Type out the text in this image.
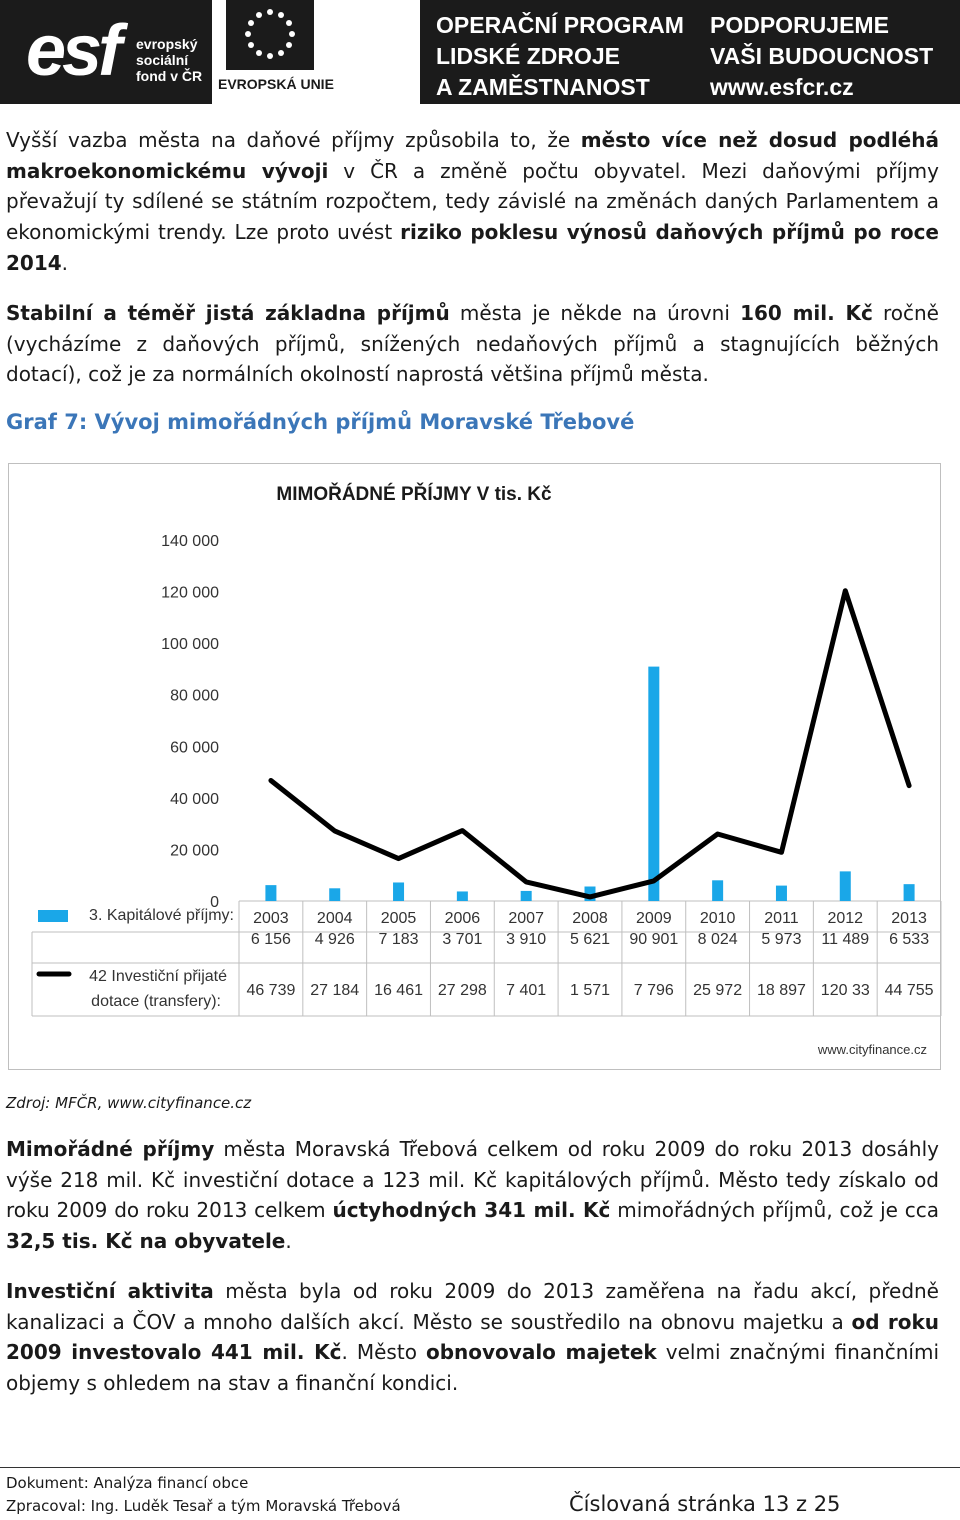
esf evropský
sociální
fond v ČR EVROPSKÁ UNIE
OPERAČNÍ PROGRAM
LIDSKÉ ZDROJE
A ZAMĚSTNANOST
PODPORUJEME
VAŠI BUDOUCNOST
www.esfcr.cz

Vyšší vazba města na daňové příjmy způsobila to, že město více než dosud podléhá makroekonomickému vývoji v ČR a změně počtu obyvatel. Mezi daňovými příjmy převažují ty sdílené se státním rozpočtem, tedy závislé na změnách daných Parlamentem a ekonomickými trendy. Lze proto uvést riziko poklesu výnosů daňových příjmů po roce 2014.

Stabilní a téměř jistá základna příjmů města je někde na úrovni 160 mil. Kč ročně (vycházíme z daňových příjmů, snížených nedaňových příjmů a stagnujících běžných dotací), což je za normálních okolností naprostá většina příjmů města.

Graf 7: Vývoj mimořádných příjmů Moravské Třebové
MIMOŘÁDNÉ PŘÍJMY V tis. Kč
0
20 000
40 000
60 000
80 000
100 000
120 000
140 000
2003 2004 2005 2006 2007 2008 2009 2010 2011 2012 2013
3. Kapitálové příjmy:
6 156 4 926 7 183 3 701 3 910 5 621 90 901 8 024 5 973 11 489 6 533
42 Investiční přijaté
dotace (transfery):
46 739 27 184 16 461 27 298 7 401 1 571 7 796 25 972 18 897 120 33 44 755
www.cityfinance.cz
Zdroj: MFČR, www.cityfinance.cz

Mimořádné příjmy města Moravská Třebová celkem od roku 2009 do roku 2013 dosáhly výše 218 mil. Kč investiční dotace a 123 mil. Kč kapitálových příjmů. Město tedy získalo od roku 2009 do roku 2013 celkem úctyhodných 341 mil. Kč mimořádných příjmů, což je cca 32,5 tis. Kč na obyvatele.

Investiční aktivita města byla od roku 2009 do 2013 zaměřena na řadu akcí, předně kanalizaci a ČOV a mnoho dalších akcí. Město se soustředilo na obnovu majetku a od roku 2009 investovalo 441 mil. Kč. Město obnovovalo majetek velmi značnými finančními objemy s ohledem na stav a finanční kondici.

Dokument: Analýza financí obce
Zpracoval: Ing. Luděk Tesař a tým Moravská Třebová	Číslovaná stránka 13 z 25
